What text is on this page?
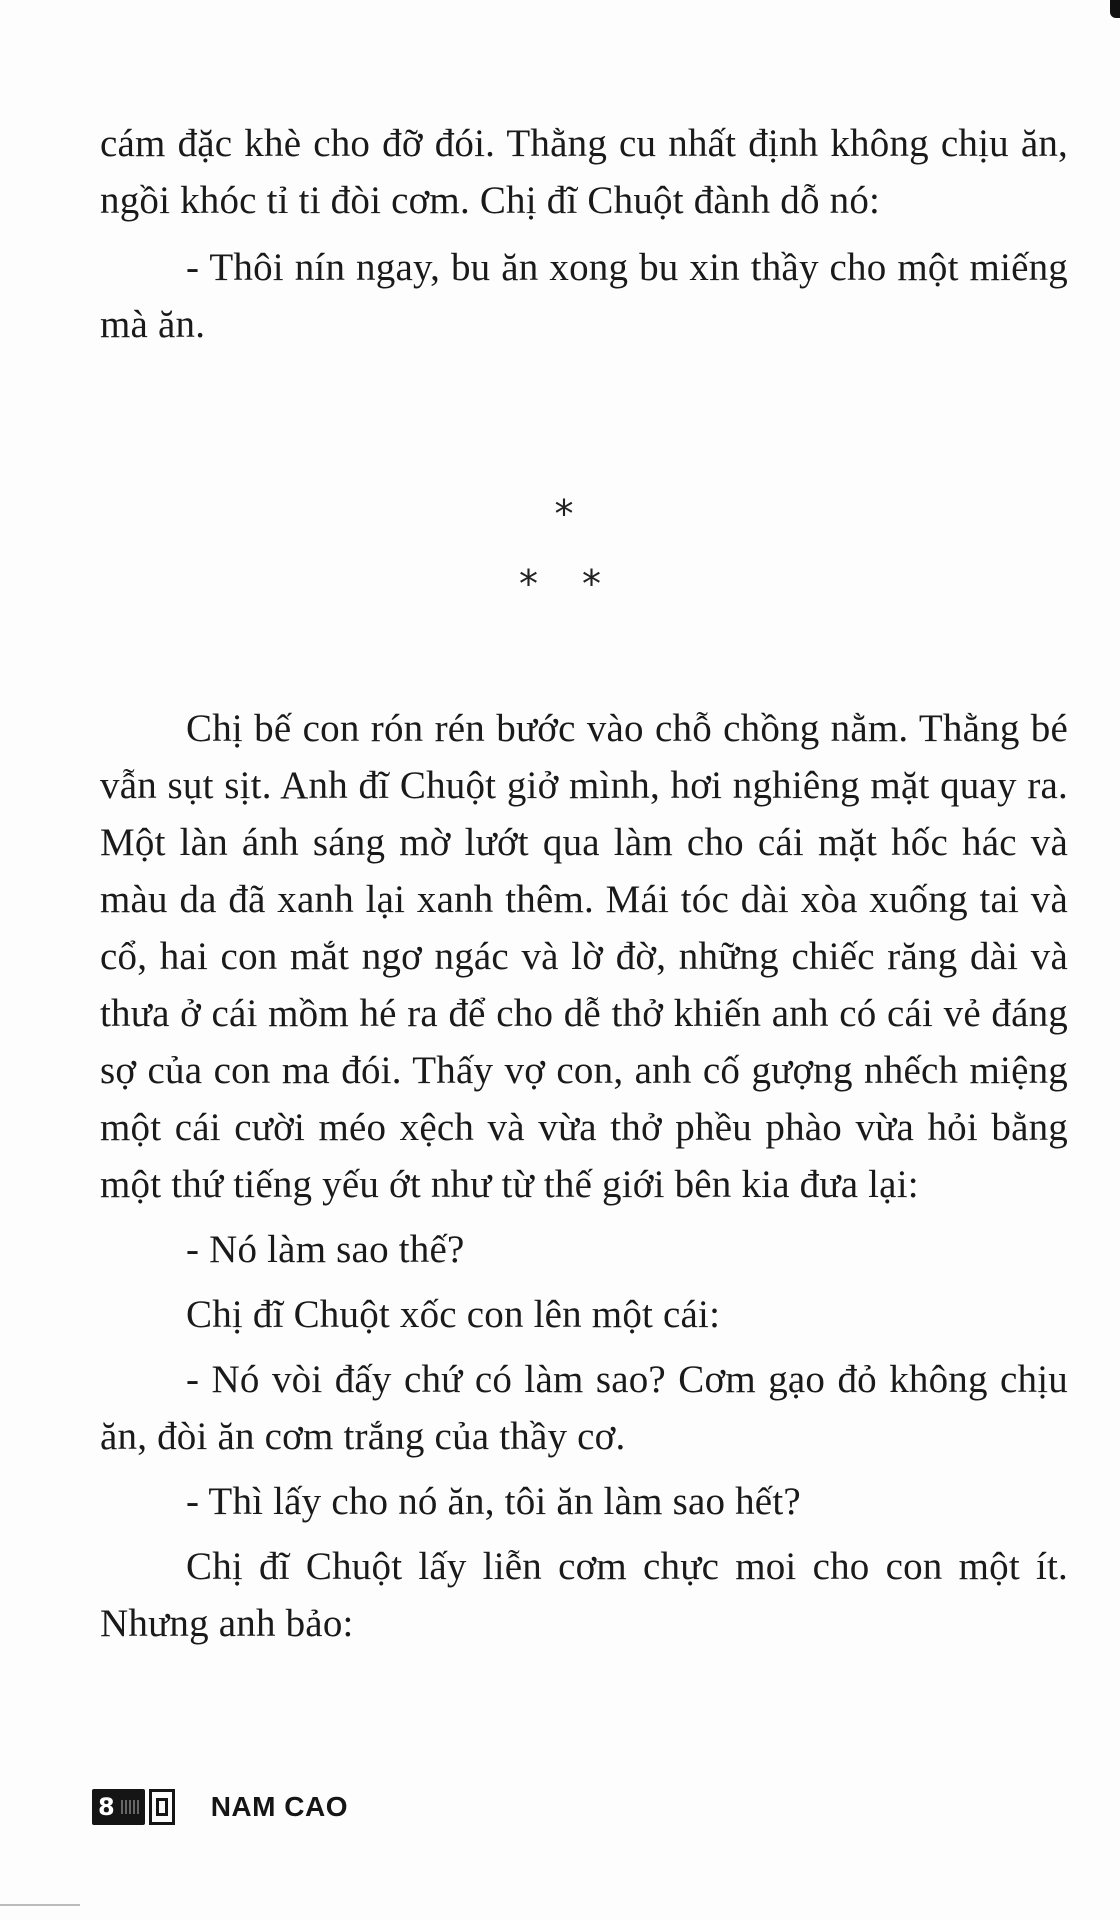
cám đặc khè cho đỡ đói. Thằng cu nhất định không chịu ăn, ngồi khóc tỉ ti đòi cơm. Chị đĩ Chuột đành dỗ nó:

- Thôi nín ngay, bu ăn xong bu xin thầy cho một miếng mà ăn.

*
* *

Chị bế con rón rén bước vào chỗ chồng nằm. Thằng bé vẫn sụt sịt. Anh đĩ Chuột giở mình, hơi nghiêng mặt quay ra. Một làn ánh sáng mờ lướt qua làm cho cái mặt hốc hác và màu da đã xanh lại xanh thêm. Mái tóc dài xòa xuống tai và cổ, hai con mắt ngơ ngác và lờ đờ, những chiếc răng dài và thưa ở cái mồm hé ra để cho dễ thở khiến anh có cái vẻ đáng sợ của con ma đói. Thấy vợ con, anh cố gượng nhếch miệng một cái cười méo xệch và vừa thở phều phào vừa hỏi bằng một thứ tiếng yếu ớt như từ thế giới bên kia đưa lại:

- Nó làm sao thế?

Chị đĩ Chuột xốc con lên một cái:

- Nó vòi đấy chứ có làm sao? Cơm gạo đỏ không chịu ăn, đòi ăn cơm trắng của thầy cơ.

- Thì lấy cho nó ăn, tôi ăn làm sao hết?

Chị đĩ Chuột lấy liễn cơm chực moi cho con một ít. Nhưng anh bảo:

8	NAM CAO
